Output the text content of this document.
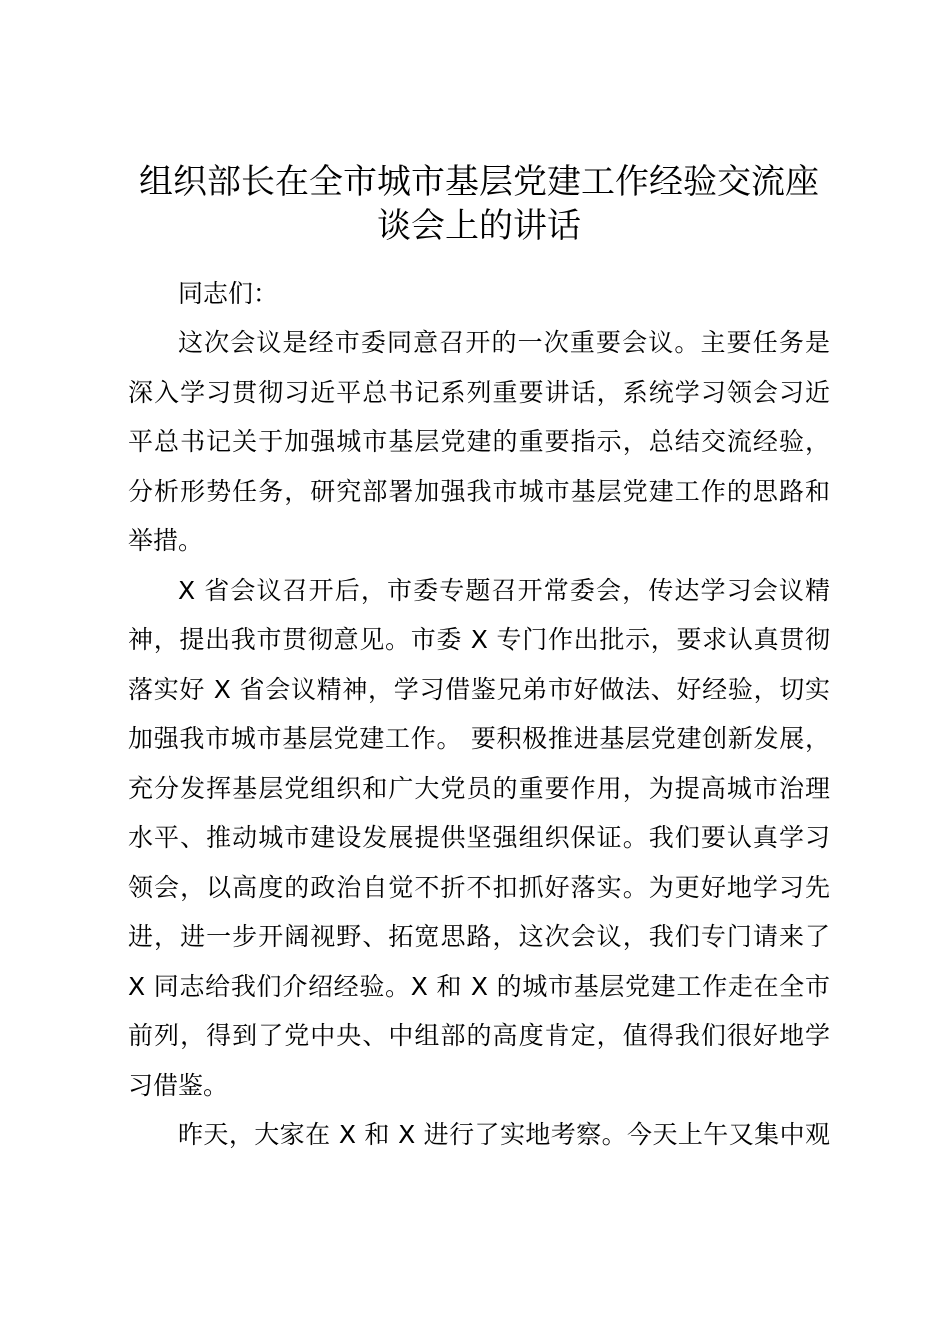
组织部长在全市城市基层党建工作经验交流座
谈会上的讲话
同志们：

这次会议是经市委同意召开的一次重要会议。主要任务是
深入学习贯彻习近平总书记系列重要讲话，系统学习领会习近
平总书记关于加强城市基层党建的重要指示，总结交流经验，
分析形势任务，研究部署加强我市城市基层党建工作的思路和
举措。

X 省会议召开后，市委专题召开常委会，传达学习会议精
神，提出我市贯彻意见。市委 X 专门作出批示，要求认真贯彻
落实好 X 省会议精神，学习借鉴兄弟市好做法、好经验，切实
加强我市城市基层党建工作。 要积极推进基层党建创新发展，
充分发挥基层党组织和广大党员的重要作用，为提高城市治理
水平、推动城市建设发展提供坚强组织保证。我们要认真学习
领会，以高度的政治自觉不折不扣抓好落实。为更好地学习先
进，进一步开阔视野、拓宽思路，这次会议，我们专门请来了
X 同志给我们介绍经验。X 和 X 的城市基层党建工作走在全市
前列，得到了党中央、中组部的高度肯定，值得我们很好地学
习借鉴。

昨天，大家在 X 和 X 进行了实地考察。今天上午又集中观
